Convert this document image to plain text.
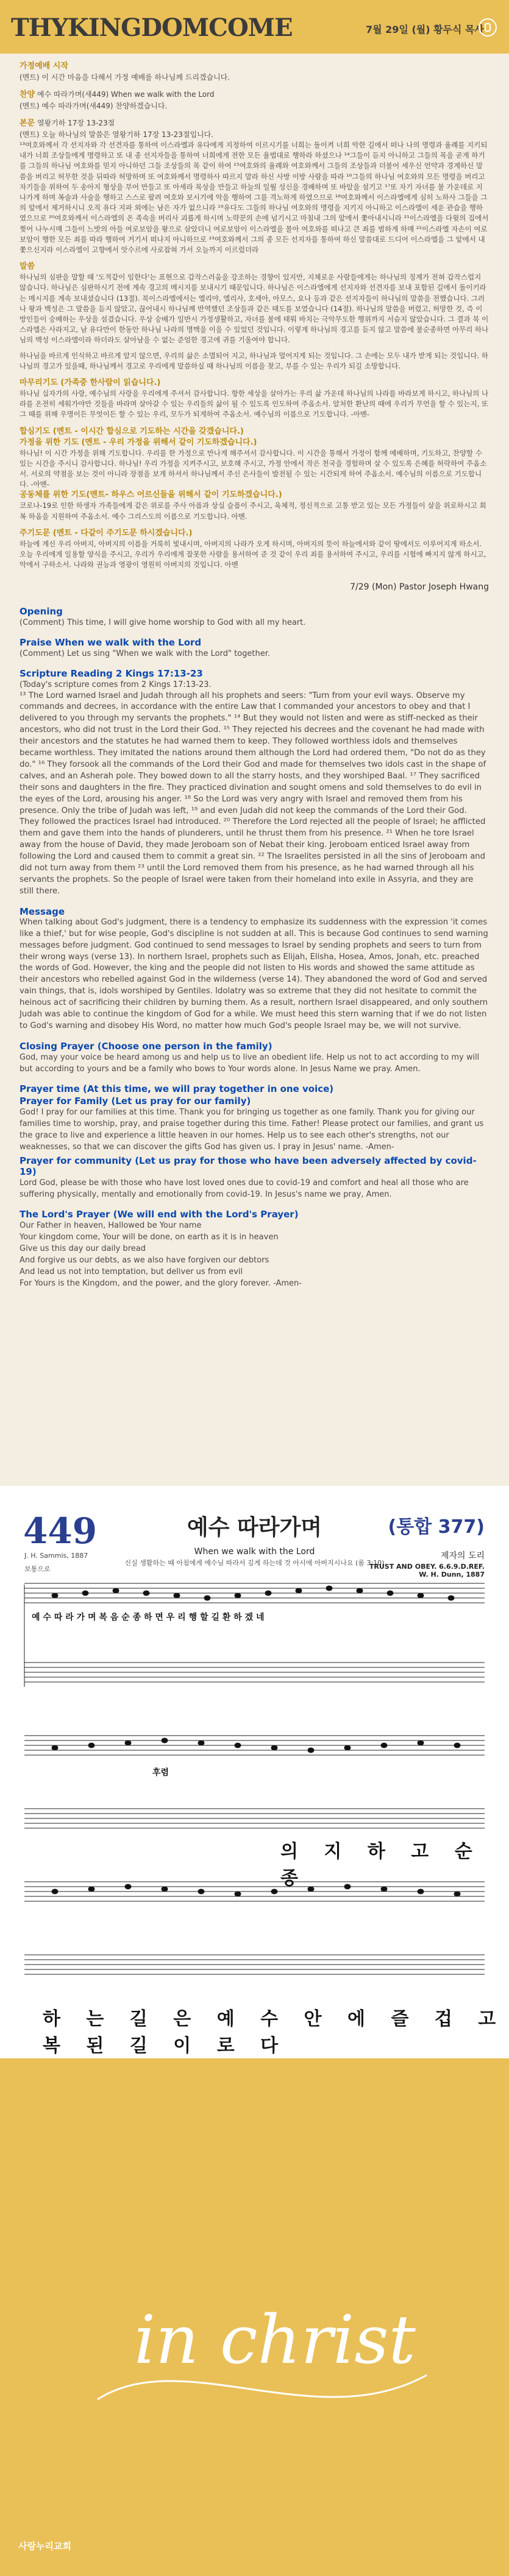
THYKINGDOMCOME	7월 29일 (월) 황두식 목사
가정예배 시작
(멘트) 이 시간 마음을 다해서 가정 예배를 하나님께 드리겠습니다.
찬양 예수 따라가며(새449) When we walk with the Lord
(멘트) 예수 따라가며(새449) 찬양하겠습니다.
본문 열왕기하 17장 13-23절
(멘트) 오늘 하나님의 말씀은 열왕기하 17장 13-23절입니다.
¹³여호와께서 각 선지자와 각 선견자를 통하여 이스라엘과 유다에게 지정하여 이르시기를 너희는 돌이켜 너희 악한 길에서 떠나 나의 명령과 율례를 지키되 내가 너희 조상들에게 명령하고 또 내 종 선지자들을 통하여 너희에게 전한 모든 율법대로 행하라 하셨으나 ¹⁴그들이 듣지 아니하고 그들의 목을 곧게 하기를 그들의 하나님 여호와를 믿지 아니하던 그들 조상들의 목 같이 하여 ¹⁵여호와의 율례와 여호와께서 그들의 조상들과 더불어 세우신 언약과 경계하신 말씀을 버리고 허무한 것을 뒤따라 허망하며 또 여호와께서 명령하사 따르지 말라 하신 사방 이방 사람을 따라 ¹⁶그들의 하나님 여호와의 모든 명령을 버리고 자기들을 위하여 두 송아지 형상을 부어 만들고 또 아세라 목상을 만들고 하늘의 일월 성신을 경배하며 또 바알을 섬기고 ¹⁷또 자기 자녀를 불 가운데로 지나가게 하며 복술과 사술을 행하고 스스로 팔려 여호와 보시기에 악을 행하여 그를 격노하게 하였으므로 ¹⁸여호와께서 이스라엘에게 심히 노하사 그들을 그의 앞에서 제거하시니 오직 유다 지파 외에는 남은 자가 없으니라 ¹⁹유다도 그들의 하나님 여호와의 명령을 지키지 아니하고 이스라엘이 세운 관습을 행하였으므로 ²⁰여호와께서 이스라엘의 온 족속을 버리사 괴롭게 하시며 노략꾼의 손에 넘기시고 마침내 그의 앞에서 쫓아내시니라 ²¹이스라엘을 다윗의 집에서 찢어 나누시매 그들이 느밧의 아들 여로보암을 왕으로 삼았더니 여로보암이 이스라엘을 몰아 여호와를 떠나고 큰 죄를 범하게 하매 ²²이스라엘 자손이 여로보암이 행한 모든 죄를 따라 행하여 거기서 떠나지 아니하므로 ²³여호와께서 그의 종 모든 선지자를 통하여 하신 말씀대로 드디어 이스라엘을 그 앞에서 내쫓으신지라 이스라엘이 고향에서 앗수르에 사로잡혀 가서 오늘까지 이르렀더라
말씀
하나님의 심판을 말할 때 '도적같이 임한다'는 표현으로 갑작스러움을 강조하는 경향이 있지만, 지체로운 사람들에게는 하나님의 징계가 전혀 갑작스럽지 않습니다. 하나님은 심판하시기 전에 계속 경고의 메시지를 보내시기 때문입니다. 하나님은 이스라엘에게 선지자와 선견자를 보내 포함된 길에서 돌이키라는 메시지를 계속 보내셨습니다 (13절). 북이스라엘에서는 엘리야, 엘리사, 호세아, 아모스, 요나 등과 같은 선지자들이 하나님의 말씀을 전했습니다. 그러나 왕과 백성은 그 말씀을 듣지 않았고, 끊어내시 하나님께 반역했던 조상들과 같은 태도를 보였습니다 (14절). 하나님의 말씀을 버렸고, 허망한 것, 즉 이방인들이 숭배하는 우상을 섬겼습니다. 우상 숭배가 일반시 가정생활하고, 자녀를 불에 태워 바치는 극악무도한 행위까지 서슴지 않았습니다. 그 결과 북 이스라엘은 사라지고, 남 유다만이 한동안 하나님 나라의 명맥을 이을 수 있었던 것입니다. 이렇게 하나님의 경고를 듣지 않고 말씀에 불순종하면 아무리 하나님의 백성 이스라엘이라 하더라도 살아남을 수 없는 준엄한 경고에 귀를 기울여야 합니다.
하나님을 바르게 인식하고 바르게 알지 않으면, 우리의 삶은 소멸되어 지고, 하나님과 멀어지게 되는 것입니다. 그 손에는 모두 내가 받게 되는 것입니다. 하나님의 경고가 있을때, 하나님께서 경고로 우리에게 말씀하실 때 하나님의 이름을 찾고, 부를 수 있는 우리가 되길 소망합니다.
마무리기도 (가족중 한사람이 읽습니다.)
하나님 십자가의 사랑, 예수님의 사랑을 우리에게 주셔서 감사합니다. 항한 세상을 살아가는 우리 삶 가운데 하나님의 나라를 바라보게 하시고, 하나님의 나라를 온전히 세워가야만 것들을 바라며 살아갈 수 있는 우리들의 삶이 될 수 있도록 인도하여 주옵소서. 알처한 환난의 때에 우리가 무언을 할 수 있는지, 또 그 때를 위해 우명이든 무엇이든 할 수 있는 우리, 모두가 되게하여 주옵소서. 예수님의 이름으로 기도합니다. -아멘-
합심기도 (멘트 - 이시간 합심으로 기도하는 시간을 갖겠습니다.)
가정을 위한 기도 (멘트 - 우리 가정을 위해서 같이 기도하겠습니다.)
하나님! 이 시간 가정을 위해 기도합니다. 우리를 한 가정으로 만나게 해주셔서 감사합니다. 이 시간을 통해서 가정이 함께 예배하며, 기도하고, 찬양할 수 있는 시간을 주시니 감사합니다. 하나님! 우리 가정을 지켜주시고, 보호해 주시고, 가정 안에서 작은 천국을 경험하며 살 수 있도록 은혜를 허락하여 주옵소서. 서로의 약점을 보는 것이 아니라 장점을 보게 하셔서 하나님께서 주신 은사들이 발전될 수 있는 시간되게 하여 주옵소서. 예수님의 이름으로 기도합니다. -아멘-
공동체를 위한 기도(멘트- 하우스 어르신들을 위해서 같이 기도하겠습니다.)
코로나-19로 인한 하생자 가족들에게 같은 위로를 주사 아픔과 상실 슬픔이 주시고, 육체적, 정신적으로 고통 받고 있는 모든 가정들이 살을 위로하시고 회복 하옵을 지원하여 주옵소서. 예수 그리스도의 이름으로 기도합니다. 아멘.
주기도문 (멘트 - 다같이 주기도문 하시겠습니다.)
하늘에 계신 우리 아버지, 아버지의 이름을 거룩히 빛내시며, 아버지의 나라가 오게 하시며, 아버지의 뜻이 하늘에서와 같이 땅에서도 이루어지게 하소서. 오늘 우리에게 일용할 양식을 주시고, 우리가 우리에게 잘못한 사람을 용서하여 준 것 같이 우리 죄를 용서하여 주시고, 우리를 시험에 빠지지 않게 하시고, 악에서 구하소서. 나라와 권능과 영광이 영원히 아버지의 것입니다. 아멘
7/29 (Mon) Pastor Joseph Hwang
Opening
(Comment) This time, I will give home worship to God with all my heart.
Praise When we walk with the Lord
(Comment) Let us sing "When we walk with the Lord" together.
Scripture Reading 2 Kings 17:13-23
(Today's scripture comes from 2 Kings 17:13-23.
¹³ The Lord warned Israel and Judah through all his prophets and seers: "Turn from your evil ways. Observe my commands and decrees, in accordance with the entire Law that I commanded your ancestors to obey and that I delivered to you through my servants the prophets." ¹⁴ But they would not listen and were as stiff-necked as their ancestors, who did not trust in the Lord their God. ¹⁵ They rejected his decrees and the covenant he had made with their ancestors and the statutes he had warned them to keep. They followed worthless idols and themselves became worthless. They imitated the nations around them although the Lord had ordered them, "Do not do as they do." ¹⁶ They forsook all the commands of the Lord their God and made for themselves two idols cast in the shape of calves, and an Asherah pole. They bowed down to all the starry hosts, and they worshiped Baal. ¹⁷ They sacrificed their sons and daughters in the fire. They practiced divination and sought omens and sold themselves to do evil in the eyes of the Lord, arousing his anger. ¹⁸ So the Lord was very angry with Israel and removed them from his presence. Only the tribe of Judah was left, ¹⁹ and even Judah did not keep the commands of the Lord their God. They followed the practices Israel had introduced. ²⁰ Therefore the Lord rejected all the people of Israel; he afflicted them and gave them into the hands of plunderers, until he thrust them from his presence. ²¹ When he tore Israel away from the house of David, they made Jeroboam son of Nebat their king. Jeroboam enticed Israel away from following the Lord and caused them to commit a great sin. ²² The Israelites persisted in all the sins of Jeroboam and did not turn away from them ²³ until the Lord removed them from his presence, as he had warned through all his servants the prophets. So the people of Israel were taken from their homeland into exile in Assyria, and they are still there.
Message
When talking about God's judgment, there is a tendency to emphasize its suddenness with the expression 'it comes like a thief,' but for wise people, God's discipline is not sudden at all. This is because God continues to send warning messages before judgment. God continued to send messages to Israel by sending prophets and seers to turn from their wrong ways (verse 13). In northern Israel, prophets such as Elijah, Elisha, Hosea, Amos, Jonah, etc. preached the words of God. However, the king and the people did not listen to His words and showed the same attitude as their ancestors who rebelled against God in the wilderness (verse 14). They abandoned the word of God and served vain things, that is, idols worshiped by Gentiles. Idolatry was so extreme that they did not hesitate to commit the heinous act of sacrificing their children by burning them. As a result, northern Israel disappeared, and only southern Judah was able to continue the kingdom of God for a while. We must heed this stern warning that if we do not listen to God's warning and disobey His Word, no matter how much God's people Israel may be, we will not survive.
Closing Prayer (Choose one person in the family)
God, may your voice be heard among us and help us to live an obedient life. Help us not to act according to my will but according to yours and be a family who bows to Your words alone. In Jesus Name we pray. Amen.
Prayer time (At this time, we will pray together in one voice)
Prayer for Family (Let us pray for our family)
God! I pray for our families at this time. Thank you for bringing us together as one family. Thank you for giving our families time to worship, pray, and praise together during this time. Father! Please protect our families, and grant us the grace to live and experience a little heaven in our homes. Help us to see each other's strengths, not our weaknesses, so that we can discover the gifts God has given us. I pray in Jesus' name. -Amen-
Prayer for community (Let us pray for those who have been adversely affected by covid-19)
Lord God, please be with those who have lost loved ones due to covid-19 and comfort and heal all those who are suffering physically, mentally and emotionally from covid-19. In Jesus's name we pray, Amen.
The Lord's Prayer (We will end with the Lord's Prayer)
Our Father in heaven, Hallowed be Your name
Your kingdom come, Your will be done, on earth as it is in heaven
Give us this day our daily bread
And forgive us our debts, as we also have forgiven our debtors
And lead us not into temptation, but deliver us from evil
For Yours is the Kingdom, and the power, and the glory forever. -Amen-
449	예수 따라가며
When we walk with the Lord
신실 생활하는 때 아침에게 예수님 따라서 깊게 하는데 것 아시에 아버지시나요 (롬 3:10)
(통합 377)
제자의 도리
J. H. Sammis, 1887
보통으로	TRUST AND OBEY. 6.6.9.D.REF.
W. H. Dunn, 1887
예 수 따 라 가 며 복 음 순 종 하 면 우 리 행 할 길 환 하 겠 네
후렴
의 지 하 고 순 종
하 는 길 은 예 수 안 에 즐 겁 고 복 된 길 이 로 다
in christ
사랑누리교회
